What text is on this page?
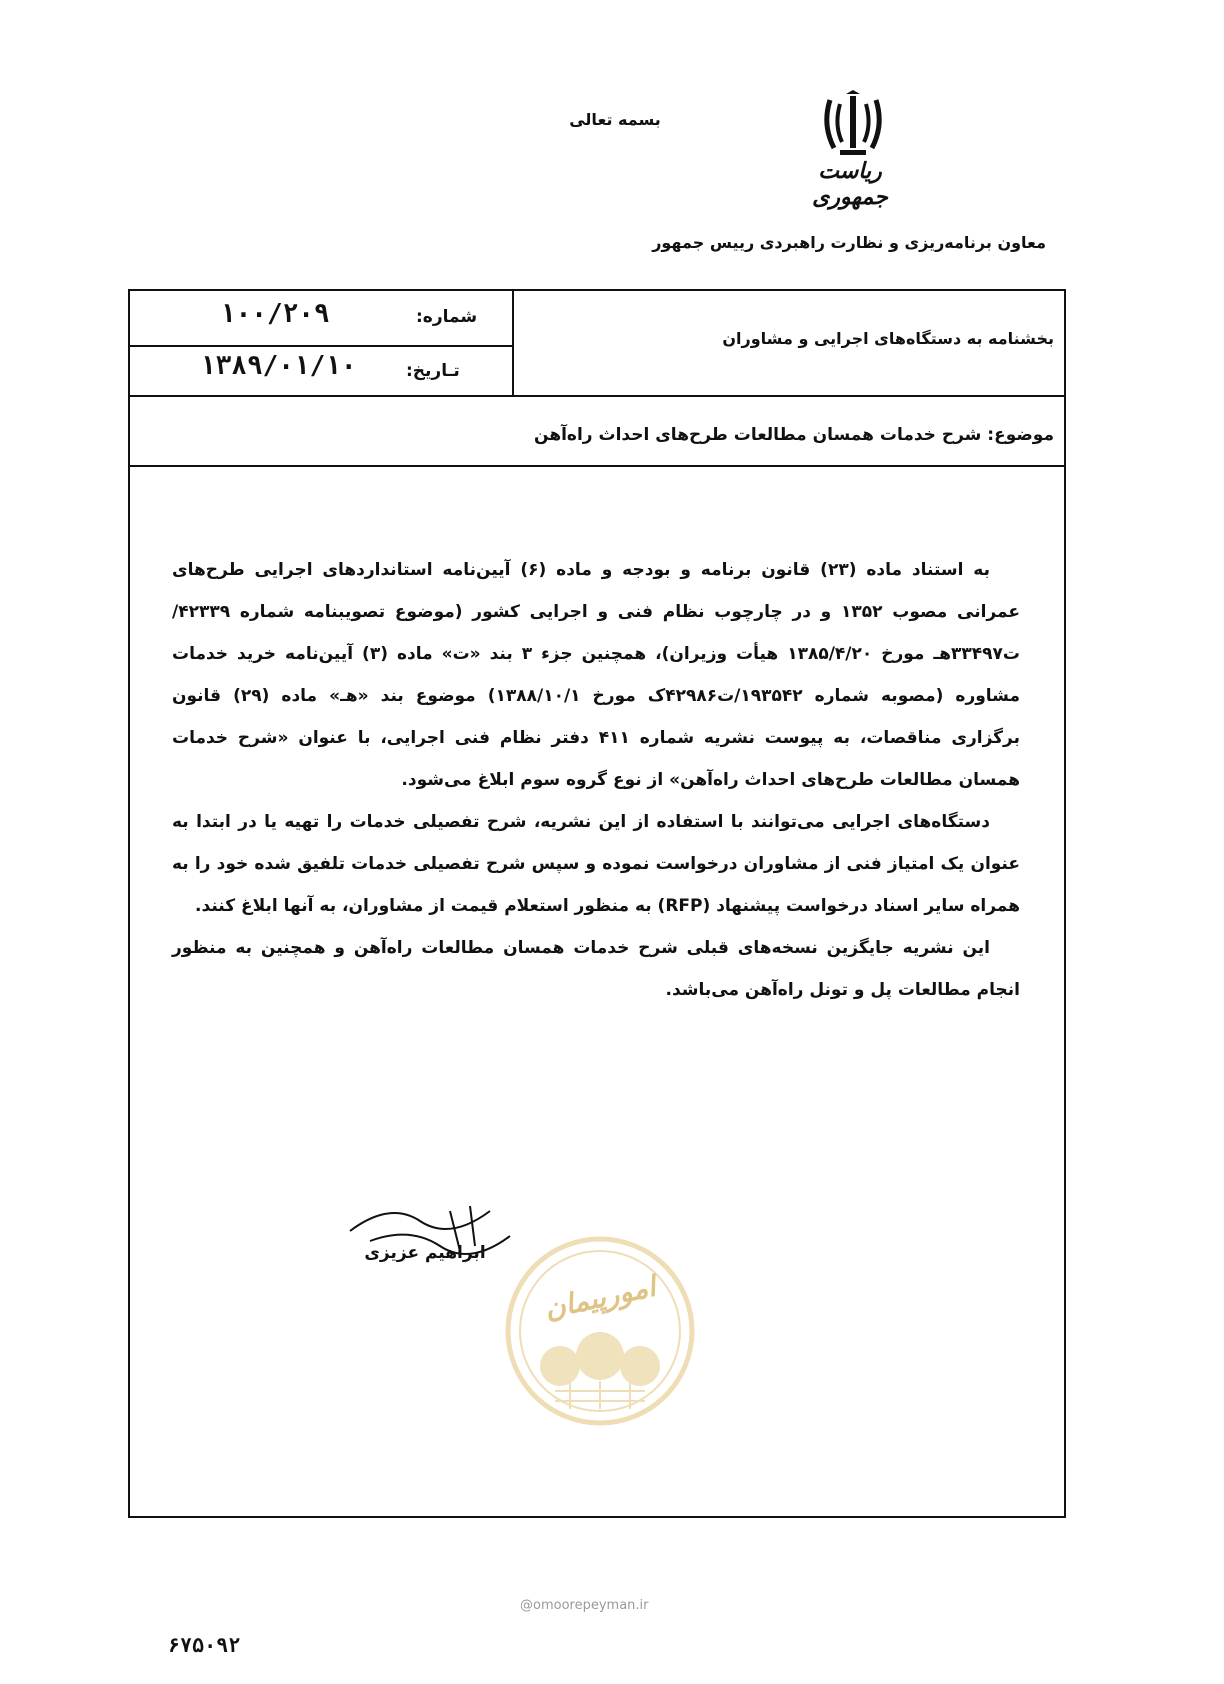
بسمه تعالی
ریاست جمهوری
معاون برنامه‌ریزی و نظارت راهبردی رییس جمهور
شماره:
۱۰۰/۲۰۹
تـاریخ:
۱۳۸۹/۰۱/۱۰
بخشنامه به دستگاه‌های اجرایی و مشاوران
موضوع: شرح خدمات همسان مطالعات طرح‌های احداث راه‌آهن

به استناد ماده (۲۳) قانون برنامه و بودجه و ماده (۶) آیین‌نامه استانداردهای اجرایی طرح‌های عمرانی مصوب ۱۳۵۲ و در چارچوب نظام فنی و اجرایی کشور (موضوع تصویبنامه شماره ۴۲۳۳۹/ت۳۳۴۹۷هـ مورخ ۱۳۸۵/۴/۲۰ هیأت وزیران)، همچنین جزء ۳ بند «ت» ماده (۳) آیین‌نامه خرید خدمات مشاوره (مصوبه شماره ۱۹۳۵۴۲/ت۴۲۹۸۶ک مورخ ۱۳۸۸/۱۰/۱) موضوع بند «هـ» ماده (۲۹) قانون برگزاری مناقصات، به پیوست نشریه شماره ۴۱۱ دفتر نظام فنی اجرایی، با عنوان «شرح خدمات همسان مطالعات طرح‌های احداث راه‌آهن» از نوع گروه سوم ابلاغ می‌شود.

دستگاه‌های اجرایی می‌توانند با استفاده از این نشریه، شرح تفصیلی خدمات را تهیه یا در ابتدا به عنوان یک امتیاز فنی از مشاوران درخواست نموده و سپس شرح تفصیلی خدمات تلفیق شده خود را به همراه سایر اسناد درخواست پیشنهاد (RFP) به منظور استعلام قیمت از مشاوران، به آنها ابلاغ کنند.

این نشریه جایگزین نسخه‌های قبلی شرح خدمات همسان مطالعات راه‌آهن و همچنین به منظور انجام مطالعات پل و تونل راه‌آهن می‌باشد.

ابراهیم عزیزی
امورپیمان
@omoorepeyman.ir
۶۷۵۰۹۲
